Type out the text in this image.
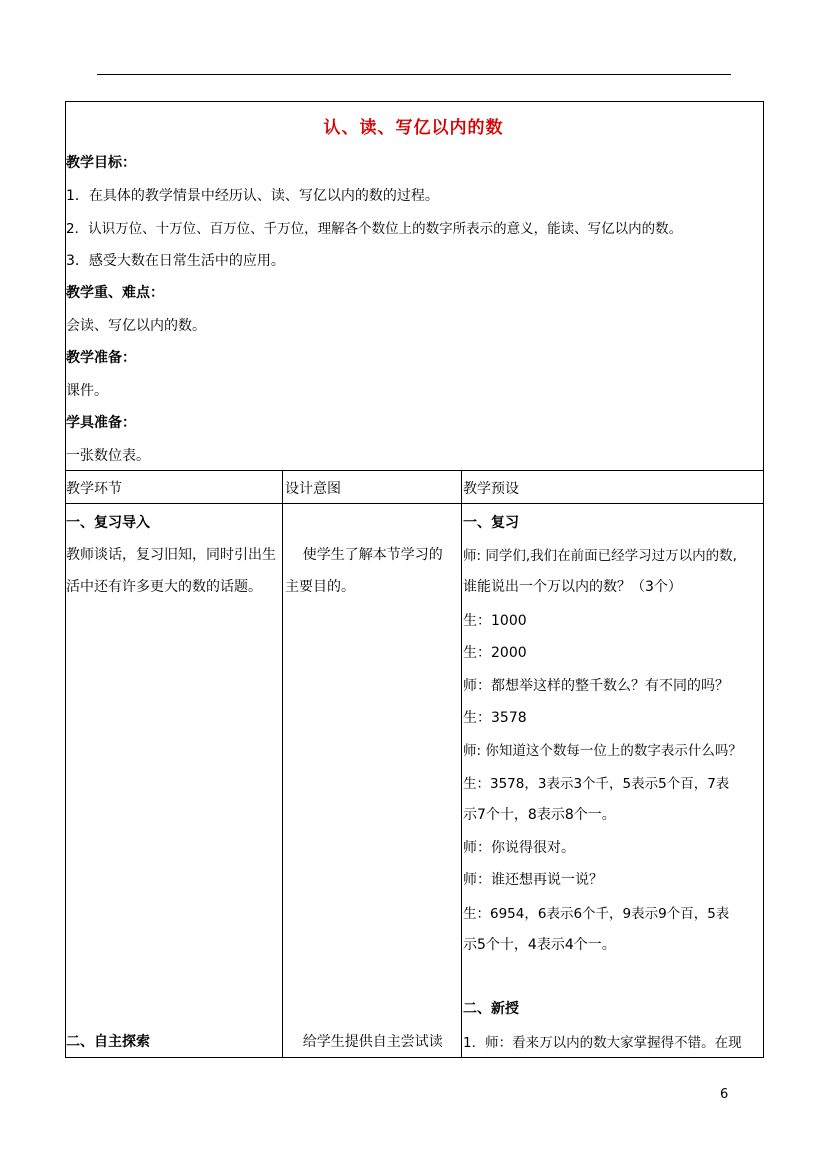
认、读、写亿以内的数
教学目标：
1．在具体的教学情景中经历认、读、写亿以内的数的过程。
2．认识万位、十万位、百万位、千万位，理解各个数位上的数字所表示的意义，能读、写亿以内的数。
3．感受大数在日常生活中的应用。
教学重、难点：
会读、写亿以内的数。
教学准备：
课件。
学具准备：
一张数位表。
教学环节	设计意图	教学预设
一、复习导入
教师谈话，复习旧知，同时引出生
活中还有许多更大的数的话题。
二、自主探索
使学生了解本节学习的
主要目的。
给学生提供自主尝试读
一、复习
师: 同学们,我们在前面已经学习过万以内的数,
谁能说出一个万以内的数？（3个）
生：1000
生：2000
师：都想举这样的整千数么？有不同的吗？
生：3578
师: 你知道这个数每一位上的数字表示什么吗？
生：3578，3表示3个千，5表示5个百，7表
示7个十，8表示8个一。
师：你说得很对。
师：谁还想再说一说？
生：6954，6表示6个千，9表示9个百，5表
示5个十，4表示4个一。
二、新授
1．师：看来万以内的数大家掌握得不错。在现
6
